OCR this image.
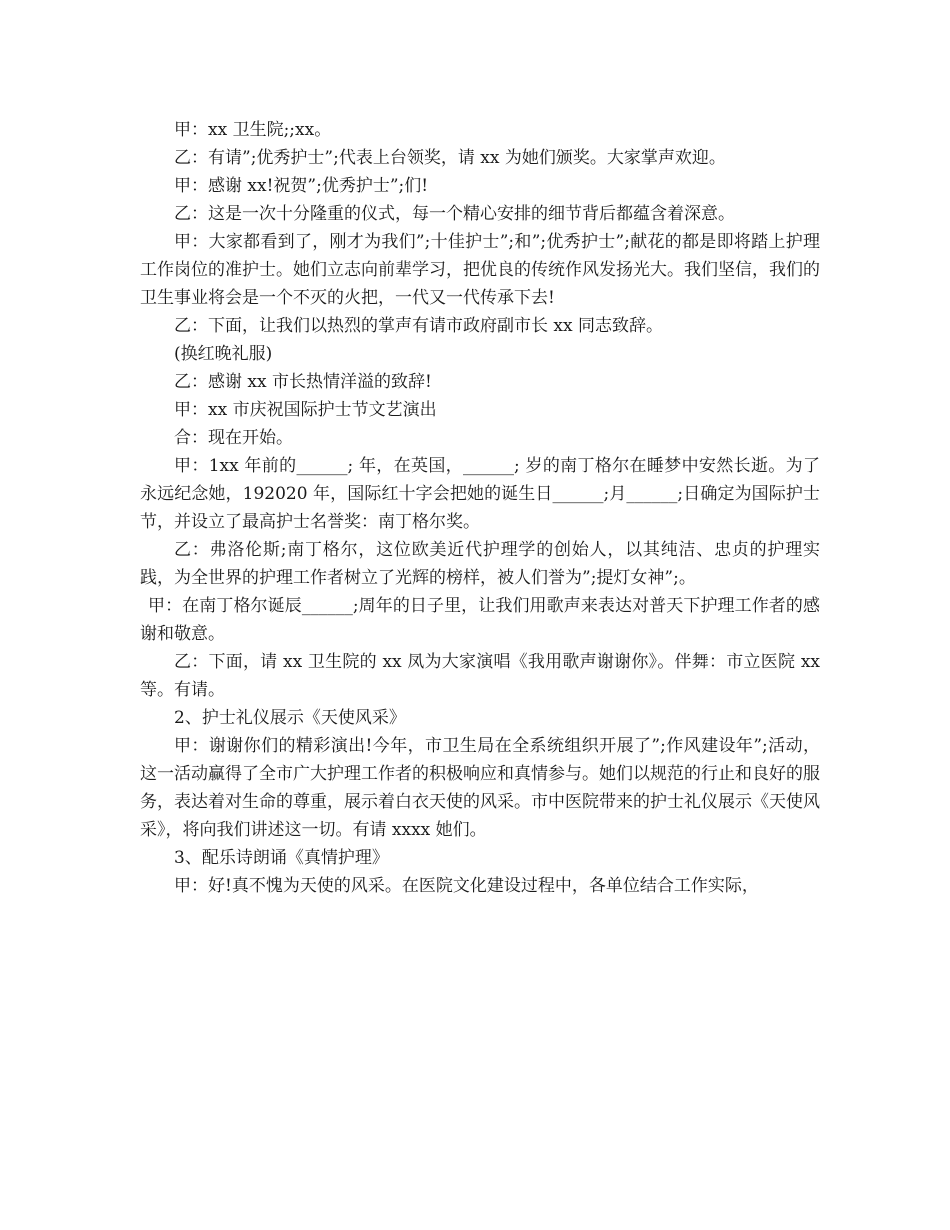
甲：xx 卫生院;;xx。

乙：有请”;优秀护士”;代表上台领奖，请 xx 为她们颁奖。大家掌声欢迎。

甲：感谢 xx!祝贺”;优秀护士”;们!

乙：这是一次十分隆重的仪式，每一个精心安排的细节背后都蕴含着深意。

甲：大家都看到了，刚才为我们”;十佳护士”;和”;优秀护士”;献花的都是即将踏上护理工作岗位的准护士。她们立志向前辈学习，把优良的传统作风发扬光大。我们坚信，我们的卫生事业将会是一个不灭的火把，一代又一代传承下去!

乙：下面，让我们以热烈的掌声有请市政府副市长 xx 同志致辞。

(换红晚礼服)

乙：感谢 xx 市长热情洋溢的致辞!

甲：xx 市庆祝国际护士节文艺演出

合：现在开始。

甲：1xx 年前的______; 年，在英国，______; 岁的南丁格尔在睡梦中安然长逝。为了永远纪念她，192020 年，国际红十字会把她的诞生日______;月______;日确定为国际护士节，并设立了最高护士名誉奖：南丁格尔奖。

乙：弗洛伦斯;南丁格尔，这位欧美近代护理学的创始人，以其纯洁、忠贞的护理实践，为全世界的护理工作者树立了光辉的榜样，被人们誉为”;提灯女神”;。

甲：在南丁格尔诞辰______;周年的日子里，让我们用歌声来表达对普天下护理工作者的感谢和敬意。

乙：下面，请 xx 卫生院的 xx 凤为大家演唱《我用歌声谢谢你》。伴舞：市立医院 xx 等。有请。

2、护士礼仪展示《天使风采》

甲：谢谢你们的精彩演出!今年，市卫生局在全系统组织开展了”;作风建设年”;活动，这一活动赢得了全市广大护理工作者的积极响应和真情参与。她们以规范的行止和良好的服务，表达着对生命的尊重，展示着白衣天使的风采。市中医院带来的护士礼仪展示《天使风采》，将向我们讲述这一切。有请 xxxx 她们。

3、配乐诗朗诵《真情护理》

甲：好!真不愧为天使的风采。在医院文化建设过程中，各单位结合工作实际，
